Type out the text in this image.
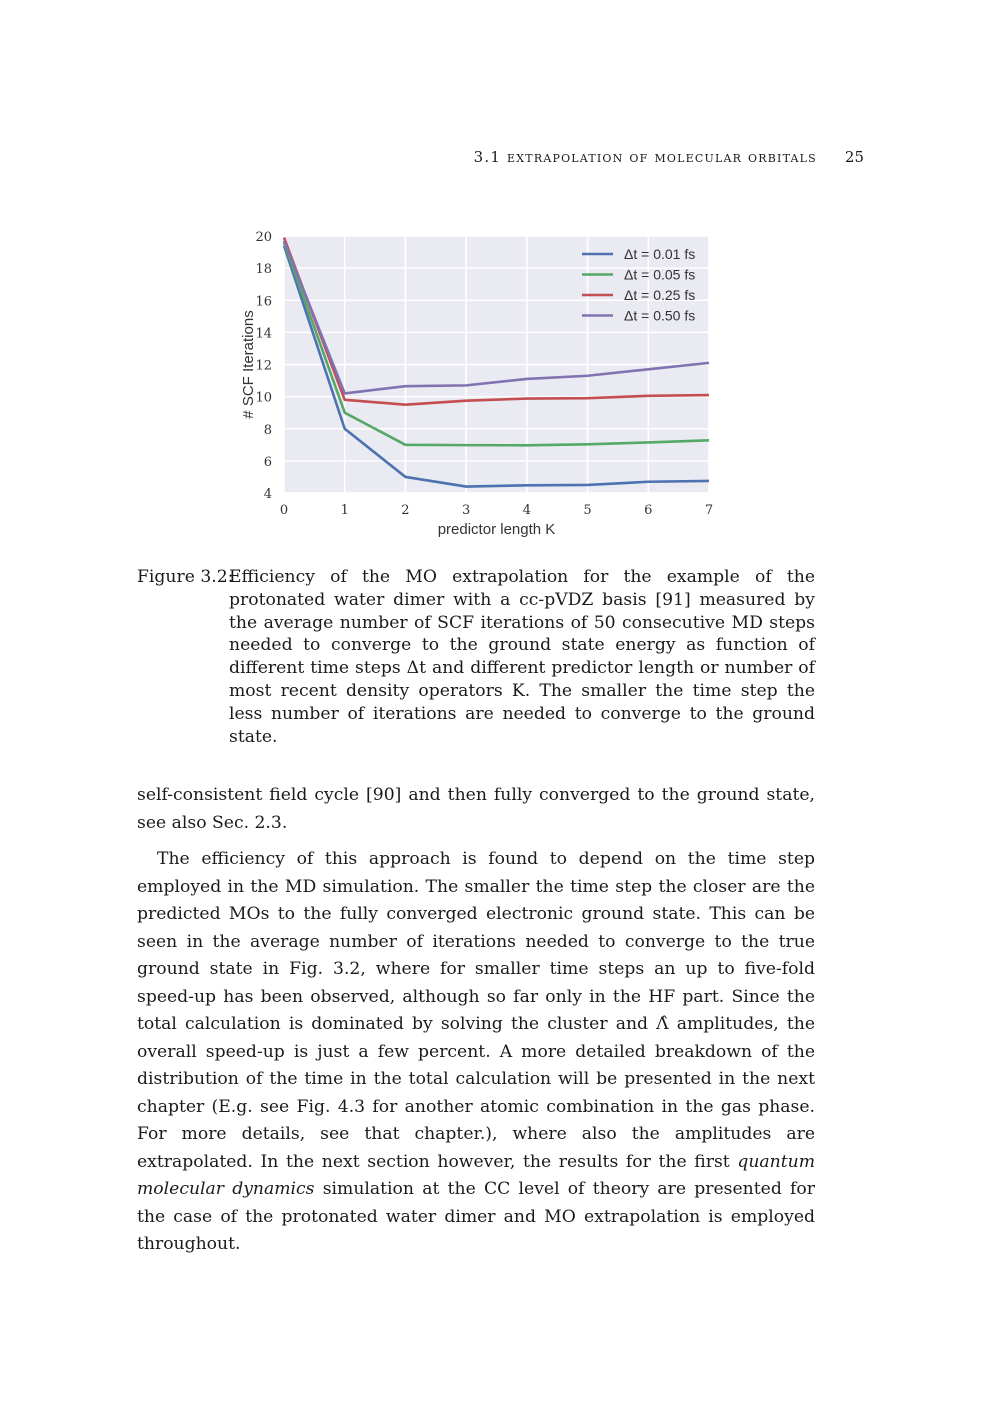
3.1 extrapolation of molecular orbitals 25
0	1	2	3	4	5	6	7
4
6
8
10
12
14
16
18
20
Δt = 0.01 fs
Δt = 0.05 fs
Δt = 0.25 fs
Δt = 0.50 fs
predictor length K
# SCF Iterations
Figure 3.2:
Efficiency of the MO extrapolation for the example of the protonated water dimer with a cc-pVDZ basis [91] measured by the average number of SCF iterations of 50 consecutive MD steps needed to converge to the ground state energy as function of different time steps Δt and different predictor length or number of most recent density operators K. The smaller the time step the less number of iterations are needed to converge to the ground state.

self-consistent field cycle [90] and then fully converged to the ground state, see also Sec. 2.3.

The efficiency of this approach is found to depend on the time step employed in the MD simulation. The smaller the time step the closer are the predicted MOs to the fully converged electronic ground state. This can be seen in the average number of iterations needed to converge to the true ground state in Fig. 3.2, where for smaller time steps an up to five-fold speed-up has been observed, although so far only in the HF part. Since the total calculation is dominated by solving the cluster and Λ̂ amplitudes, the overall speed-up is just a few percent. A more detailed breakdown of the distribution of the time in the total calculation will be presented in the next chapter (E.g. see Fig. 4.3 for another atomic combination in the gas phase. For more details, see that chapter.), where also the amplitudes are extrapolated. In the next section however, the results for the first quantum molecular dynamics simulation at the CC level of theory are presented for the case of the protonated water dimer and MO extrapolation is employed throughout.
